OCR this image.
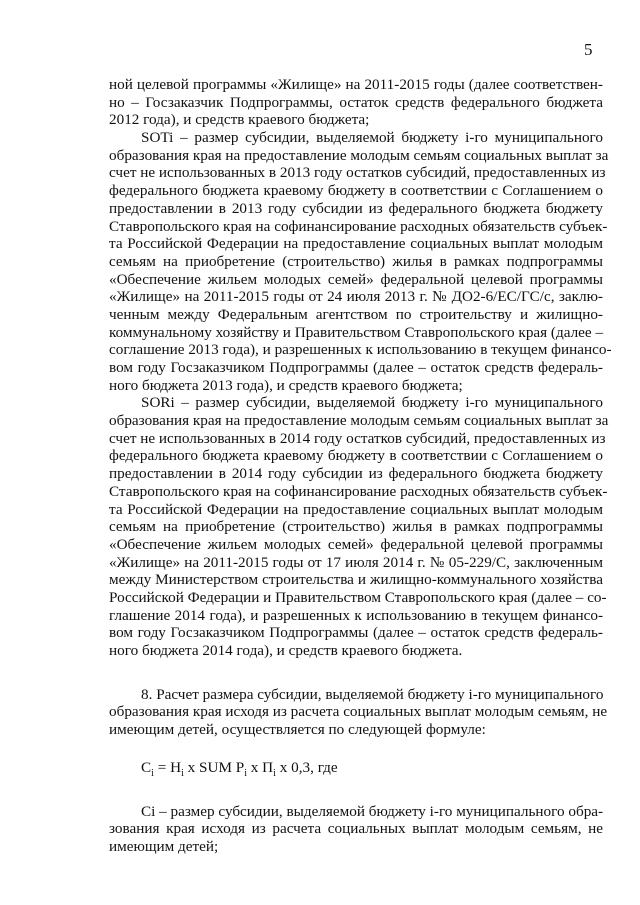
5
ной целевой программы «Жилище» на 2011-2015 годы (далее соответствен-
но – Госзаказчик Подпрограммы, остаток средств федерального бюджета
2012 года), и средств краевого бюджета;
SOTi – размер субсидии, выделяемой бюджету i-го муниципального
образования края на предоставление молодым семьям социальных выплат за
счет не использованных в 2013 году остатков субсидий, предоставленных из
федерального бюджета краевому бюджету в соответствии с Соглашением о
предоставлении в 2013 году субсидии из федерального бюджета бюджету
Ставропольского края на софинансирование расходных обязательств субъек-
та Российской Федерации на предоставление социальных выплат молодым
семьям на приобретение (строительство) жилья в рамках подпрограммы
«Обеспечение жильем молодых семей» федеральной целевой программы
«Жилище» на 2011-2015 годы от 24 июля 2013 г. № ДО2-6/ЕС/ГС/с, заклю-
ченным между Федеральным агентством по строительству и жилищно-
коммунальному хозяйству и Правительством Ставропольского края (далее –
соглашение 2013 года), и разрешенных к использованию в текущем финансо-
вом году Госзаказчиком Подпрограммы (далее – остаток средств федераль-
ного бюджета 2013 года), и средств краевого бюджета;
SORi – размер субсидии, выделяемой бюджету i-го муниципального
образования края на предоставление молодым семьям социальных выплат за
счет не использованных в 2014 году остатков субсидий, предоставленных из
федерального бюджета краевому бюджету в соответствии с Соглашением о
предоставлении в 2014 году субсидии из федерального бюджета бюджету
Ставропольского края на софинансирование расходных обязательств субъек-
та Российской Федерации на предоставление социальных выплат молодым
семьям на приобретение (строительство) жилья в рамках подпрограммы
«Обеспечение жильем молодых семей» федеральной целевой программы
«Жилище» на 2011-2015 годы от 17 июля 2014 г. № 05-229/С, заключенным
между Министерством строительства и жилищно-коммунального хозяйства
Российской Федерации и Правительством Ставропольского края (далее – со-
глашение 2014 года), и разрешенных к использованию в текущем финансо-
вом году Госзаказчиком Подпрограммы (далее – остаток средств федераль-
ного бюджета 2014 года), и средств краевого бюджета.
8. Расчет размера субсидии, выделяемой бюджету i-го муниципального
образования края исходя из расчета социальных выплат молодым семьям, не
имеющим детей, осуществляется по следующей формуле:
$C_i = H_i$ x SUM $P_i$ x $П_i$ x 0,3, где
Ci – размер субсидии, выделяемой бюджету i-го муниципального обра-
зования края исходя из расчета социальных выплат молодым семьям, не
имеющим детей;
